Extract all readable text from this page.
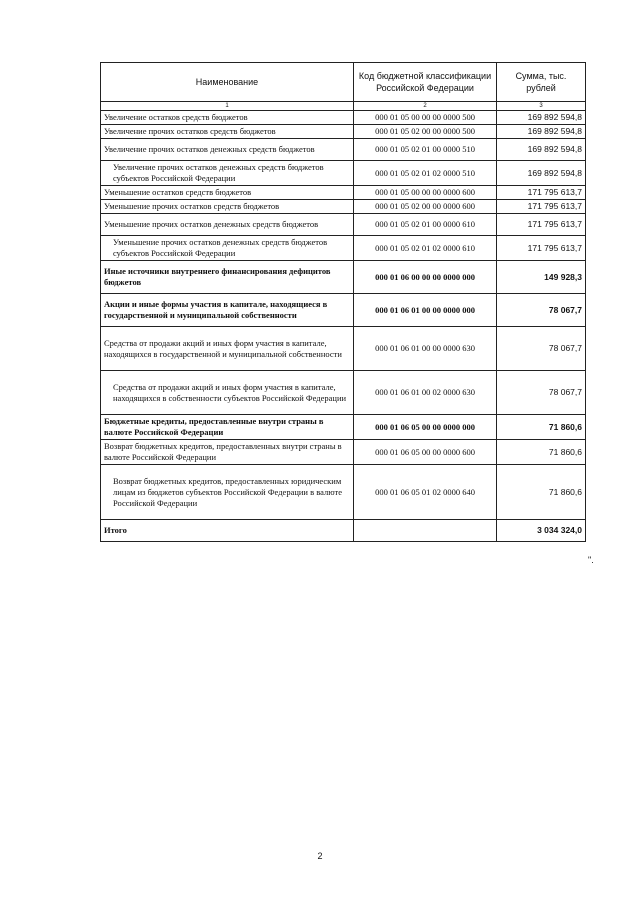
Наименование	Код бюджетной классификации Российской Федерации	Сумма, тыс. рублей
1	2	3
Увеличение остатков средств бюджетов	000 01 05 00 00 00 0000 500	169 892 594,8
Увеличение прочих остатков средств бюджетов	000 01 05 02 00 00 0000 500	169 892 594,8
Увеличение прочих остатков денежных средств бюджетов	000 01 05 02 01 00 0000 510	169 892 594,8
Увеличение прочих остатков денежных средств бюджетов субъектов Российской Федерации	000 01 05 02 01 02 0000 510	169 892 594,8
Уменьшение остатков средств бюджетов	000 01 05 00 00 00 0000 600	171 795 613,7
Уменьшение прочих остатков средств бюджетов	000 01 05 02 00 00 0000 600	171 795 613,7
Уменьшение прочих остатков денежных средств бюджетов	000 01 05 02 01 00 0000 610	171 795 613,7
Уменьшение прочих остатков денежных средств бюджетов субъектов Российской Федерации	000 01 05 02 01 02 0000 610	171 795 613,7
Иные источники внутреннего финансирования дефицитов бюджетов	000 01 06 00 00 00 0000 000	149 928,3
Акции и иные формы участия в капитале, находящиеся в государственной и муниципальной собственности	000 01 06 01 00 00 0000 000	78 067,7
Средства от продажи акций и иных форм участия в капитале, находящихся в государственной и муниципальной собственности	000 01 06 01 00 00 0000 630	78 067,7
Средства от продажи акций и иных форм участия в капитале, находящихся в собственности субъектов Российской Федерации	000 01 06 01 00 02 0000 630	78 067,7
Бюджетные кредиты, предоставленные внутри страны в валюте Российской Федерации	000 01 06 05 00 00 0000 000	71 860,6
Возврат бюджетных кредитов, предоставленных внутри страны в валюте Российской Федерации	000 01 06 05 00 00 0000 600	71 860,6
Возврат бюджетных кредитов, предоставленных юридическим лицам из бюджетов субъектов Российской Федерации в валюте Российской Федерации	000 01 06 05 01 02 0000 640	71 860,6
Итого		3 034 324,0
".
2
